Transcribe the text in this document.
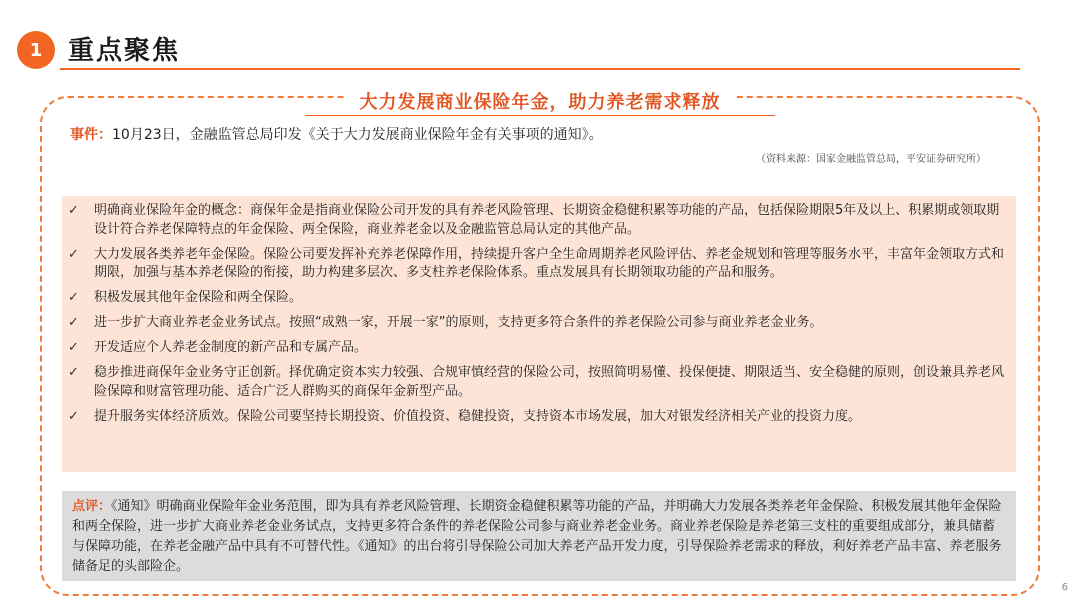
1 重点聚焦
大力发展商业保险年金，助力养老需求释放
事件：10月23日，金融监管总局印发《关于大力发展商业保险年金有关事项的通知》。
（资料来源：国家金融监管总局，平安证券研究所）
✓	明确商业保险年金的概念：商保年金是指商业保险公司开发的具有养老风险管理、长期资金稳健积累等功能的产品，包括保险期限5年及以上、积累期或领取期设计符合养老保障特点的年金保险、两全保险，商业养老金以及金融监管总局认定的其他产品。
✓	大力发展各类养老年金保险。保险公司要发挥补充养老保障作用，持续提升客户全生命周期养老风险评估、养老金规划和管理等服务水平，丰富年金领取方式和期限，加强与基本养老保险的衔接，助力构建多层次、多支柱养老保险体系。重点发展具有长期领取功能的产品和服务。
✓	积极发展其他年金保险和两全保险。
✓	进一步扩大商业养老金业务试点。按照“成熟一家，开展一家”的原则，支持更多符合条件的养老保险公司参与商业养老金业务。
✓	开发适应个人养老金制度的新产品和专属产品。
✓	稳步推进商保年金业务守正创新。择优确定资本实力较强、合规审慎经营的保险公司，按照简明易懂、投保便捷、期限适当、安全稳健的原则，创设兼具养老风险保障和财富管理功能、适合广泛人群购买的商保年金新型产品。
✓	提升服务实体经济质效。保险公司要坚持长期投资、价值投资、稳健投资，支持资本市场发展，加大对银发经济相关产业的投资力度。
点评：《通知》明确商业保险年金业务范围，即为具有养老风险管理、长期资金稳健积累等功能的产品，并明确大力发展各类养老年金保险、积极发展其他年金保险和两全保险，进一步扩大商业养老金业务试点，支持更多符合条件的养老保险公司参与商业养老金业务。商业养老保险是养老第三支柱的重要组成部分，兼具储蓄与保障功能，在养老金融产品中具有不可替代性。《通知》的出台将引导保险公司加大养老产品开发力度，引导保险养老需求的释放，利好养老产品丰富、养老服务储备足的头部险企。
6
